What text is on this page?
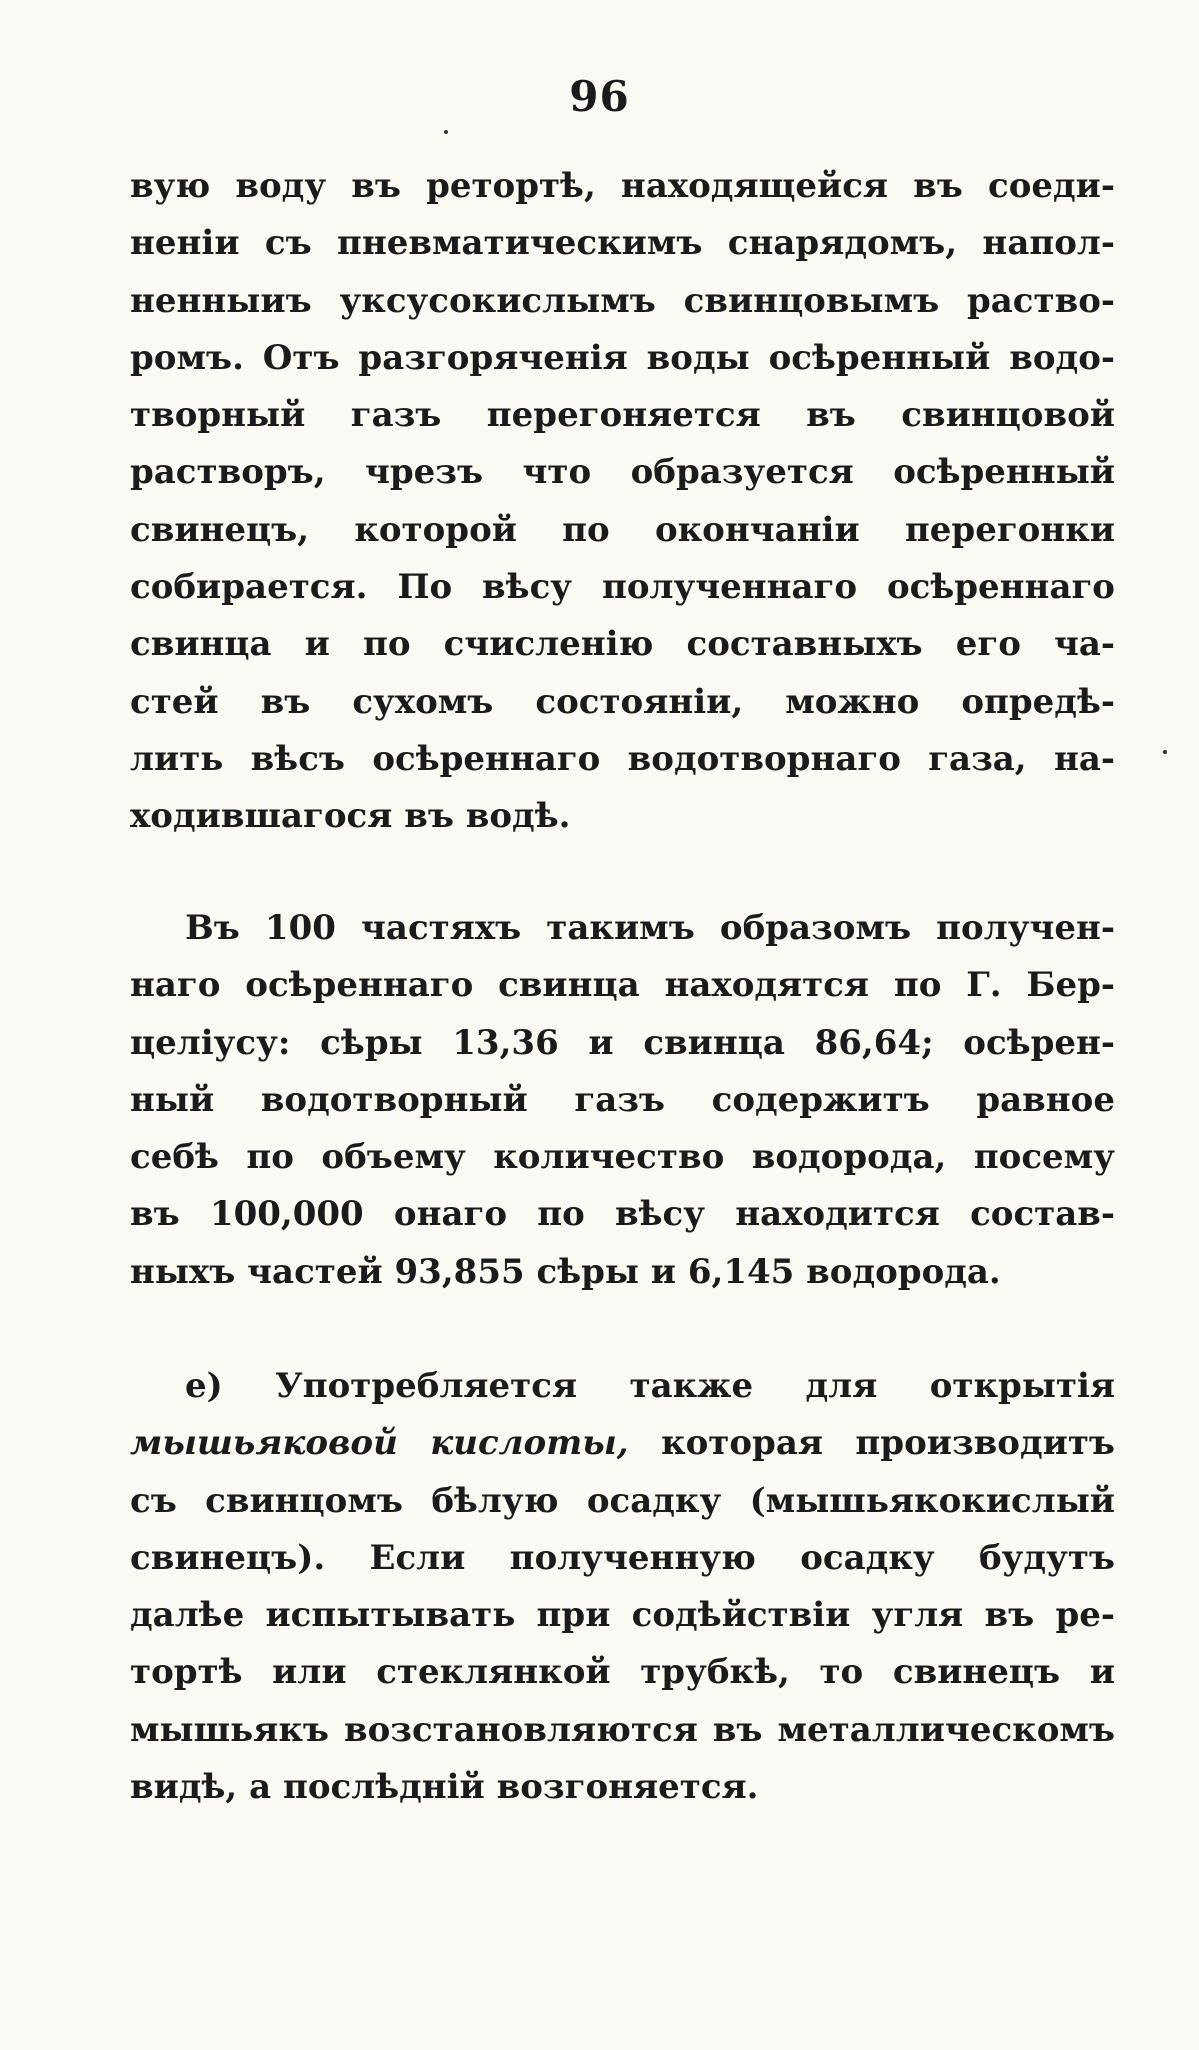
96
вую воду въ ретортѣ, находящейся въ соеди-
неніи съ пневматическимъ снарядомъ, напол-
ненныиъ уксусокислымъ свинцовымъ раство-
ромъ. Отъ разгоряченія воды осѣренный водо-
творный газъ перегоняется въ свинцовой
растворъ, чрезъ что образуется осѣренный
свинецъ, которой по окончаніи перегонки
собирается. По вѣсу полученнаго осѣреннаго
свинца и по счисленію составныхъ его ча-
стей въ сухомъ состояніи, можно опредѣ-
лить вѣсъ осѣреннаго водотворнаго газа, на-
ходившагося въ водѣ.
Въ 100 частяхъ такимъ образомъ получен-
наго осѣреннаго свинца находятся по Г. Бер-
целіусу: сѣры 13,36 и свинца 86,64; осѣрен-
ный водотворный газъ содержитъ равное
себѣ по объему количество водорода, посему
въ 100,000 онаго по вѣсу находится состав-
ныхъ частей 93,855 сѣры и 6,145 водорода.
е) Употребляется также для открытія
мышьяковой кислоты, которая производитъ
съ свинцомъ бѣлую осадку (мышьякокислый
свинецъ). Если полученную осадку будутъ
далѣе испытывать при содѣйствіи угля въ ре-
тортѣ или стеклянкой трубкѣ, то свинецъ и
мышьякъ возстановляются въ металлическомъ
видѣ, а послѣдній возгоняется.
